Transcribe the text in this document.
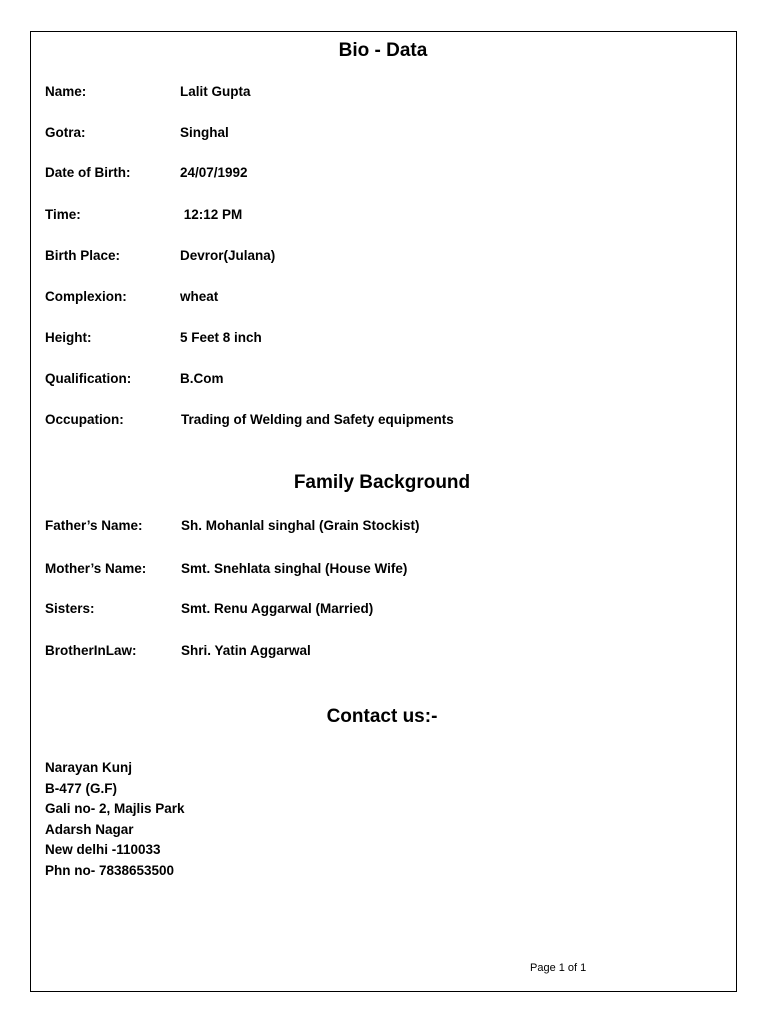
Bio - Data
Name:	Lalit Gupta
Gotra:	Singhal
Date of Birth:	24/07/1992
Time:	12:12 PM
Birth Place:	Devror(Julana)
Complexion:	wheat
Height:	5 Feet 8 inch
Qualification:	B.Com
Occupation:	Trading of Welding and Safety equipments
Family Background
Father’s Name:	Sh. Mohanlal singhal (Grain Stockist)
Mother’s Name:	Smt. Snehlata singhal (House Wife)
Sisters:	Smt. Renu Aggarwal (Married)
BrotherInLaw:	Shri. Yatin Aggarwal
Contact us:-
Narayan Kunj
B-477 (G.F)
Gali no- 2, Majlis Park
Adarsh Nagar
New delhi -110033
Phn no- 7838653500
Page 1 of 1
